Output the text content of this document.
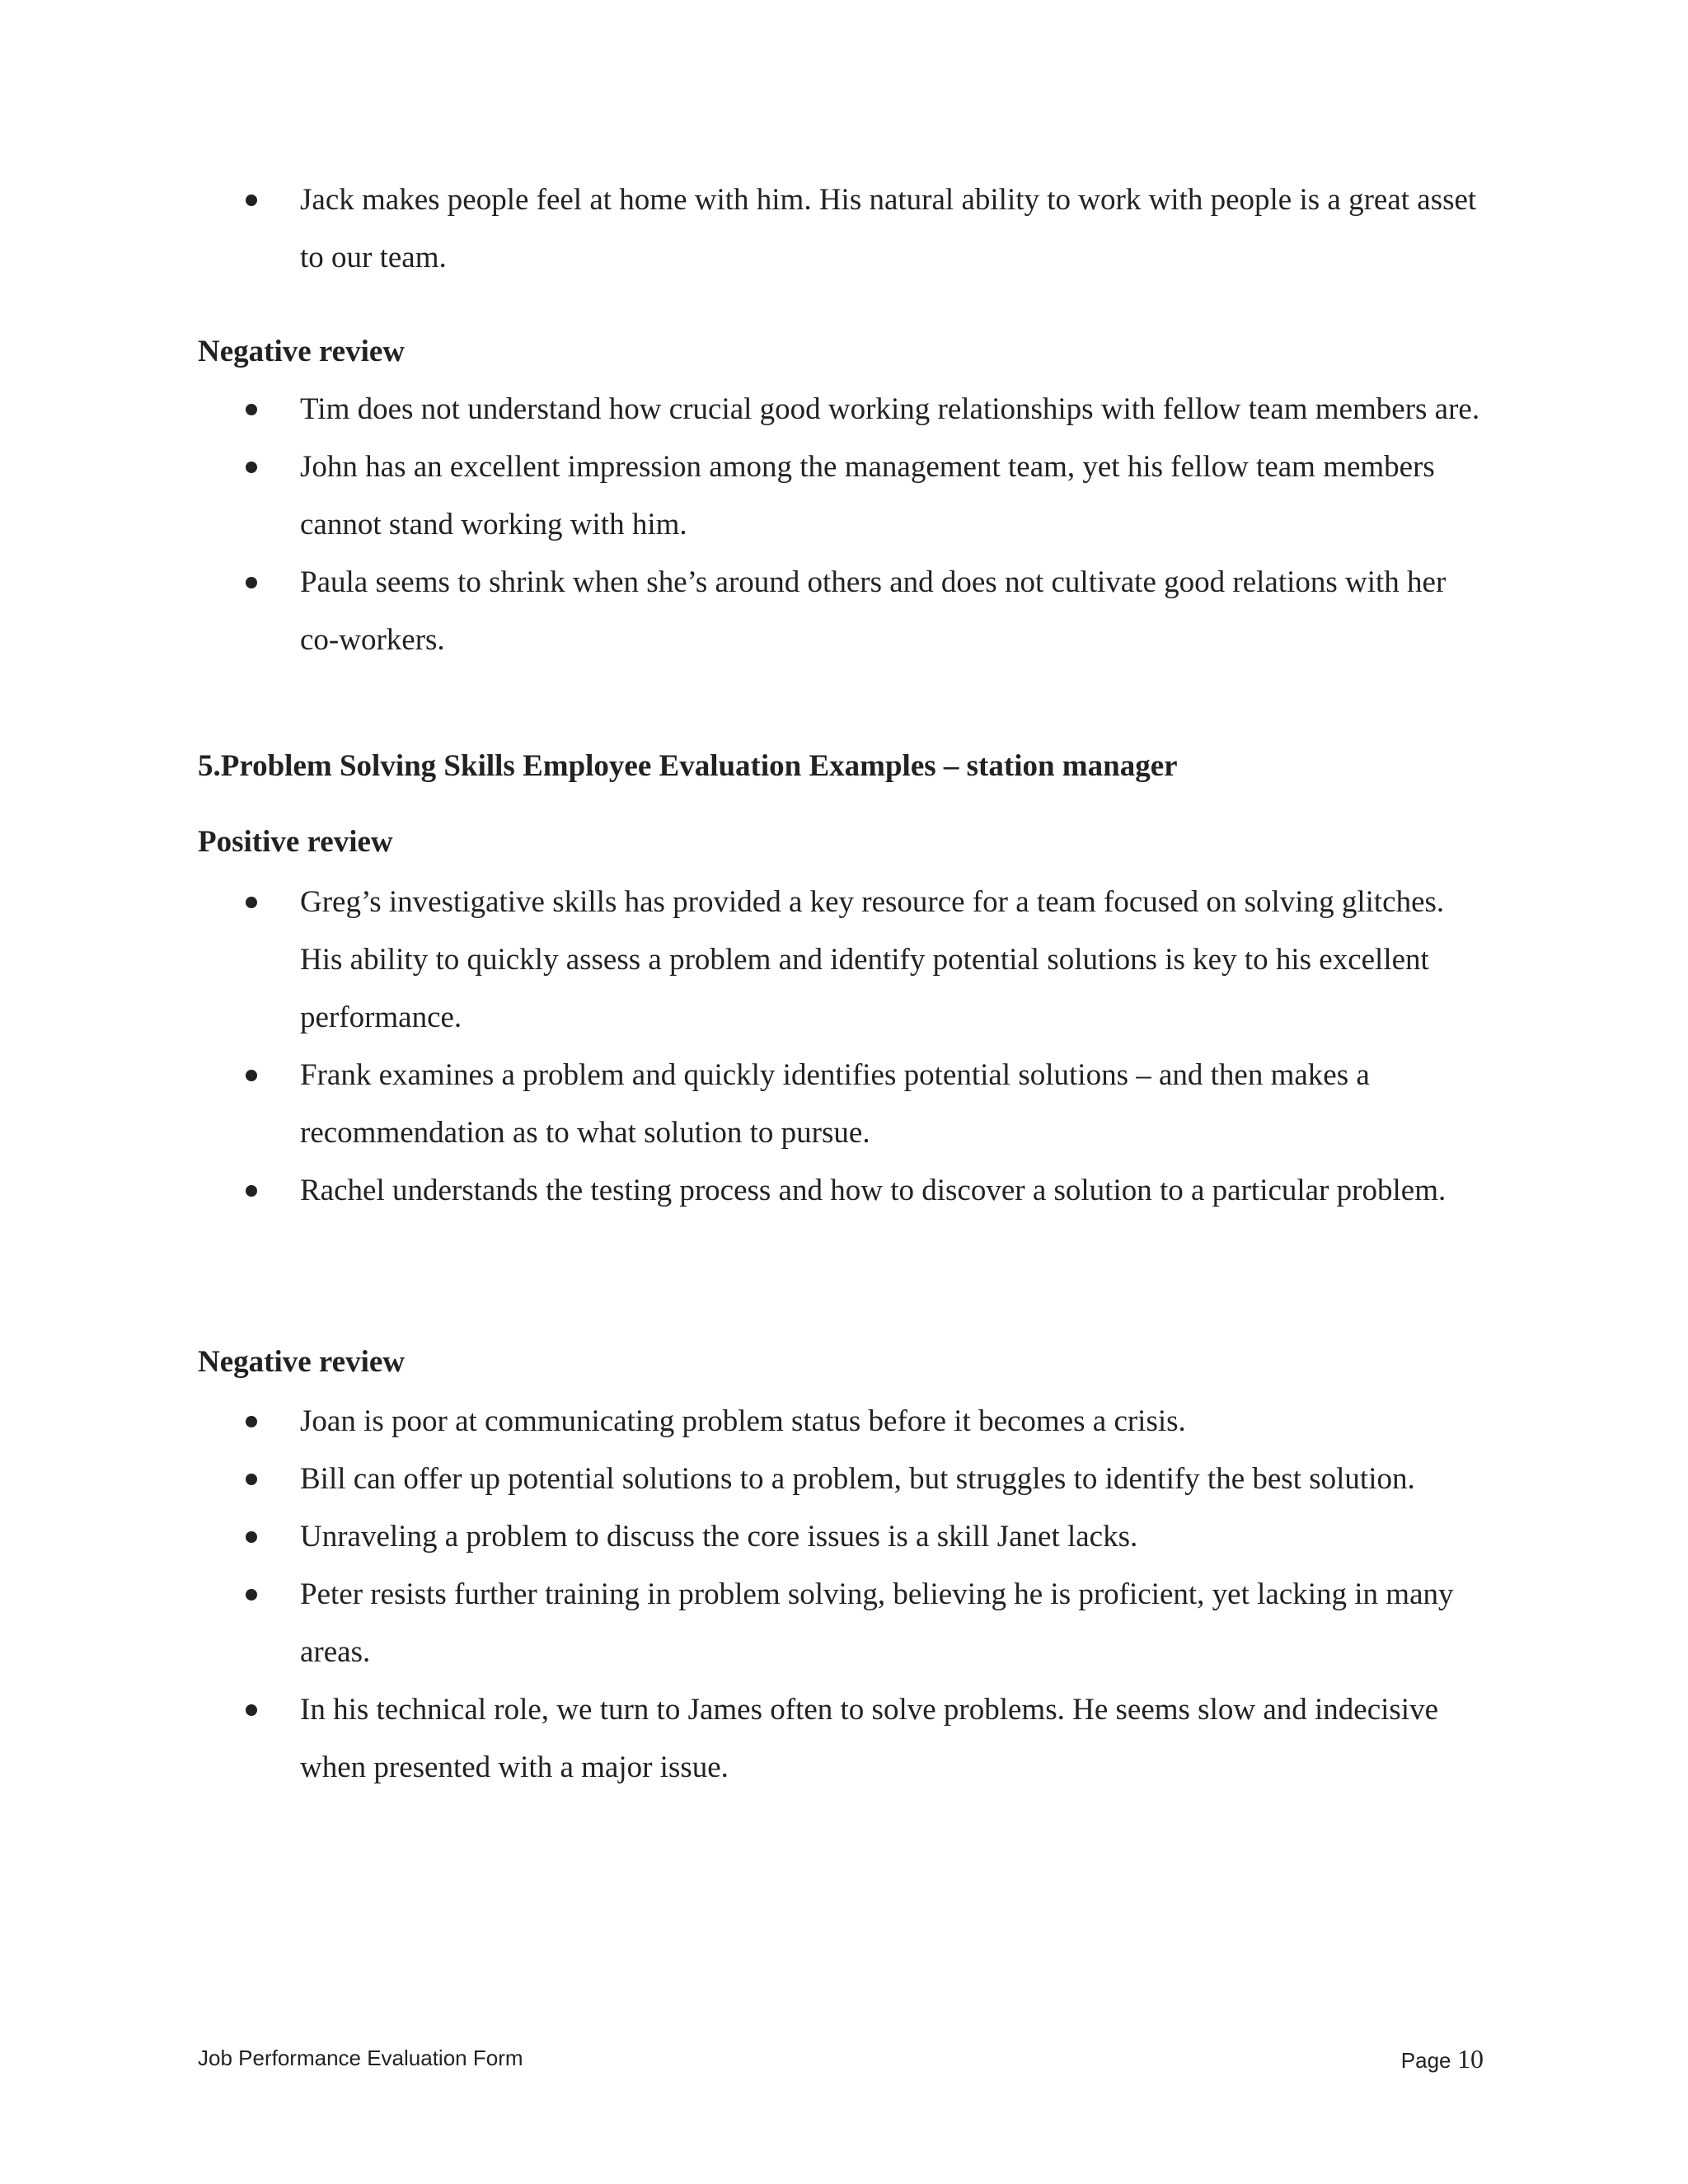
Jack makes people feel at home with him. His natural ability to work with people is a great asset to our team.
Negative review
Tim does not understand how crucial good working relationships with fellow team members are.
John has an excellent impression among the management team, yet his fellow team members cannot stand working with him.
Paula seems to shrink when she’s around others and does not cultivate good relations with her co-workers.
5.Problem Solving Skills Employee Evaluation Examples – station manager
Positive review
Greg’s investigative skills has provided a key resource for a team focused on solving glitches. His ability to quickly assess a problem and identify potential solutions is key to his excellent performance.
Frank examines a problem and quickly identifies potential solutions – and then makes a recommendation as to what solution to pursue.
Rachel understands the testing process and how to discover a solution to a particular problem.
Negative review
Joan is poor at communicating problem status before it becomes a crisis.
Bill can offer up potential solutions to a problem, but struggles to identify the best solution.
Unraveling a problem to discuss the core issues is a skill Janet lacks.
Peter resists further training in problem solving, believing he is proficient, yet lacking in many areas.
In his technical role, we turn to James often to solve problems. He seems slow and indecisive when presented with a major issue.
Job Performance Evaluation Form	Page 10
